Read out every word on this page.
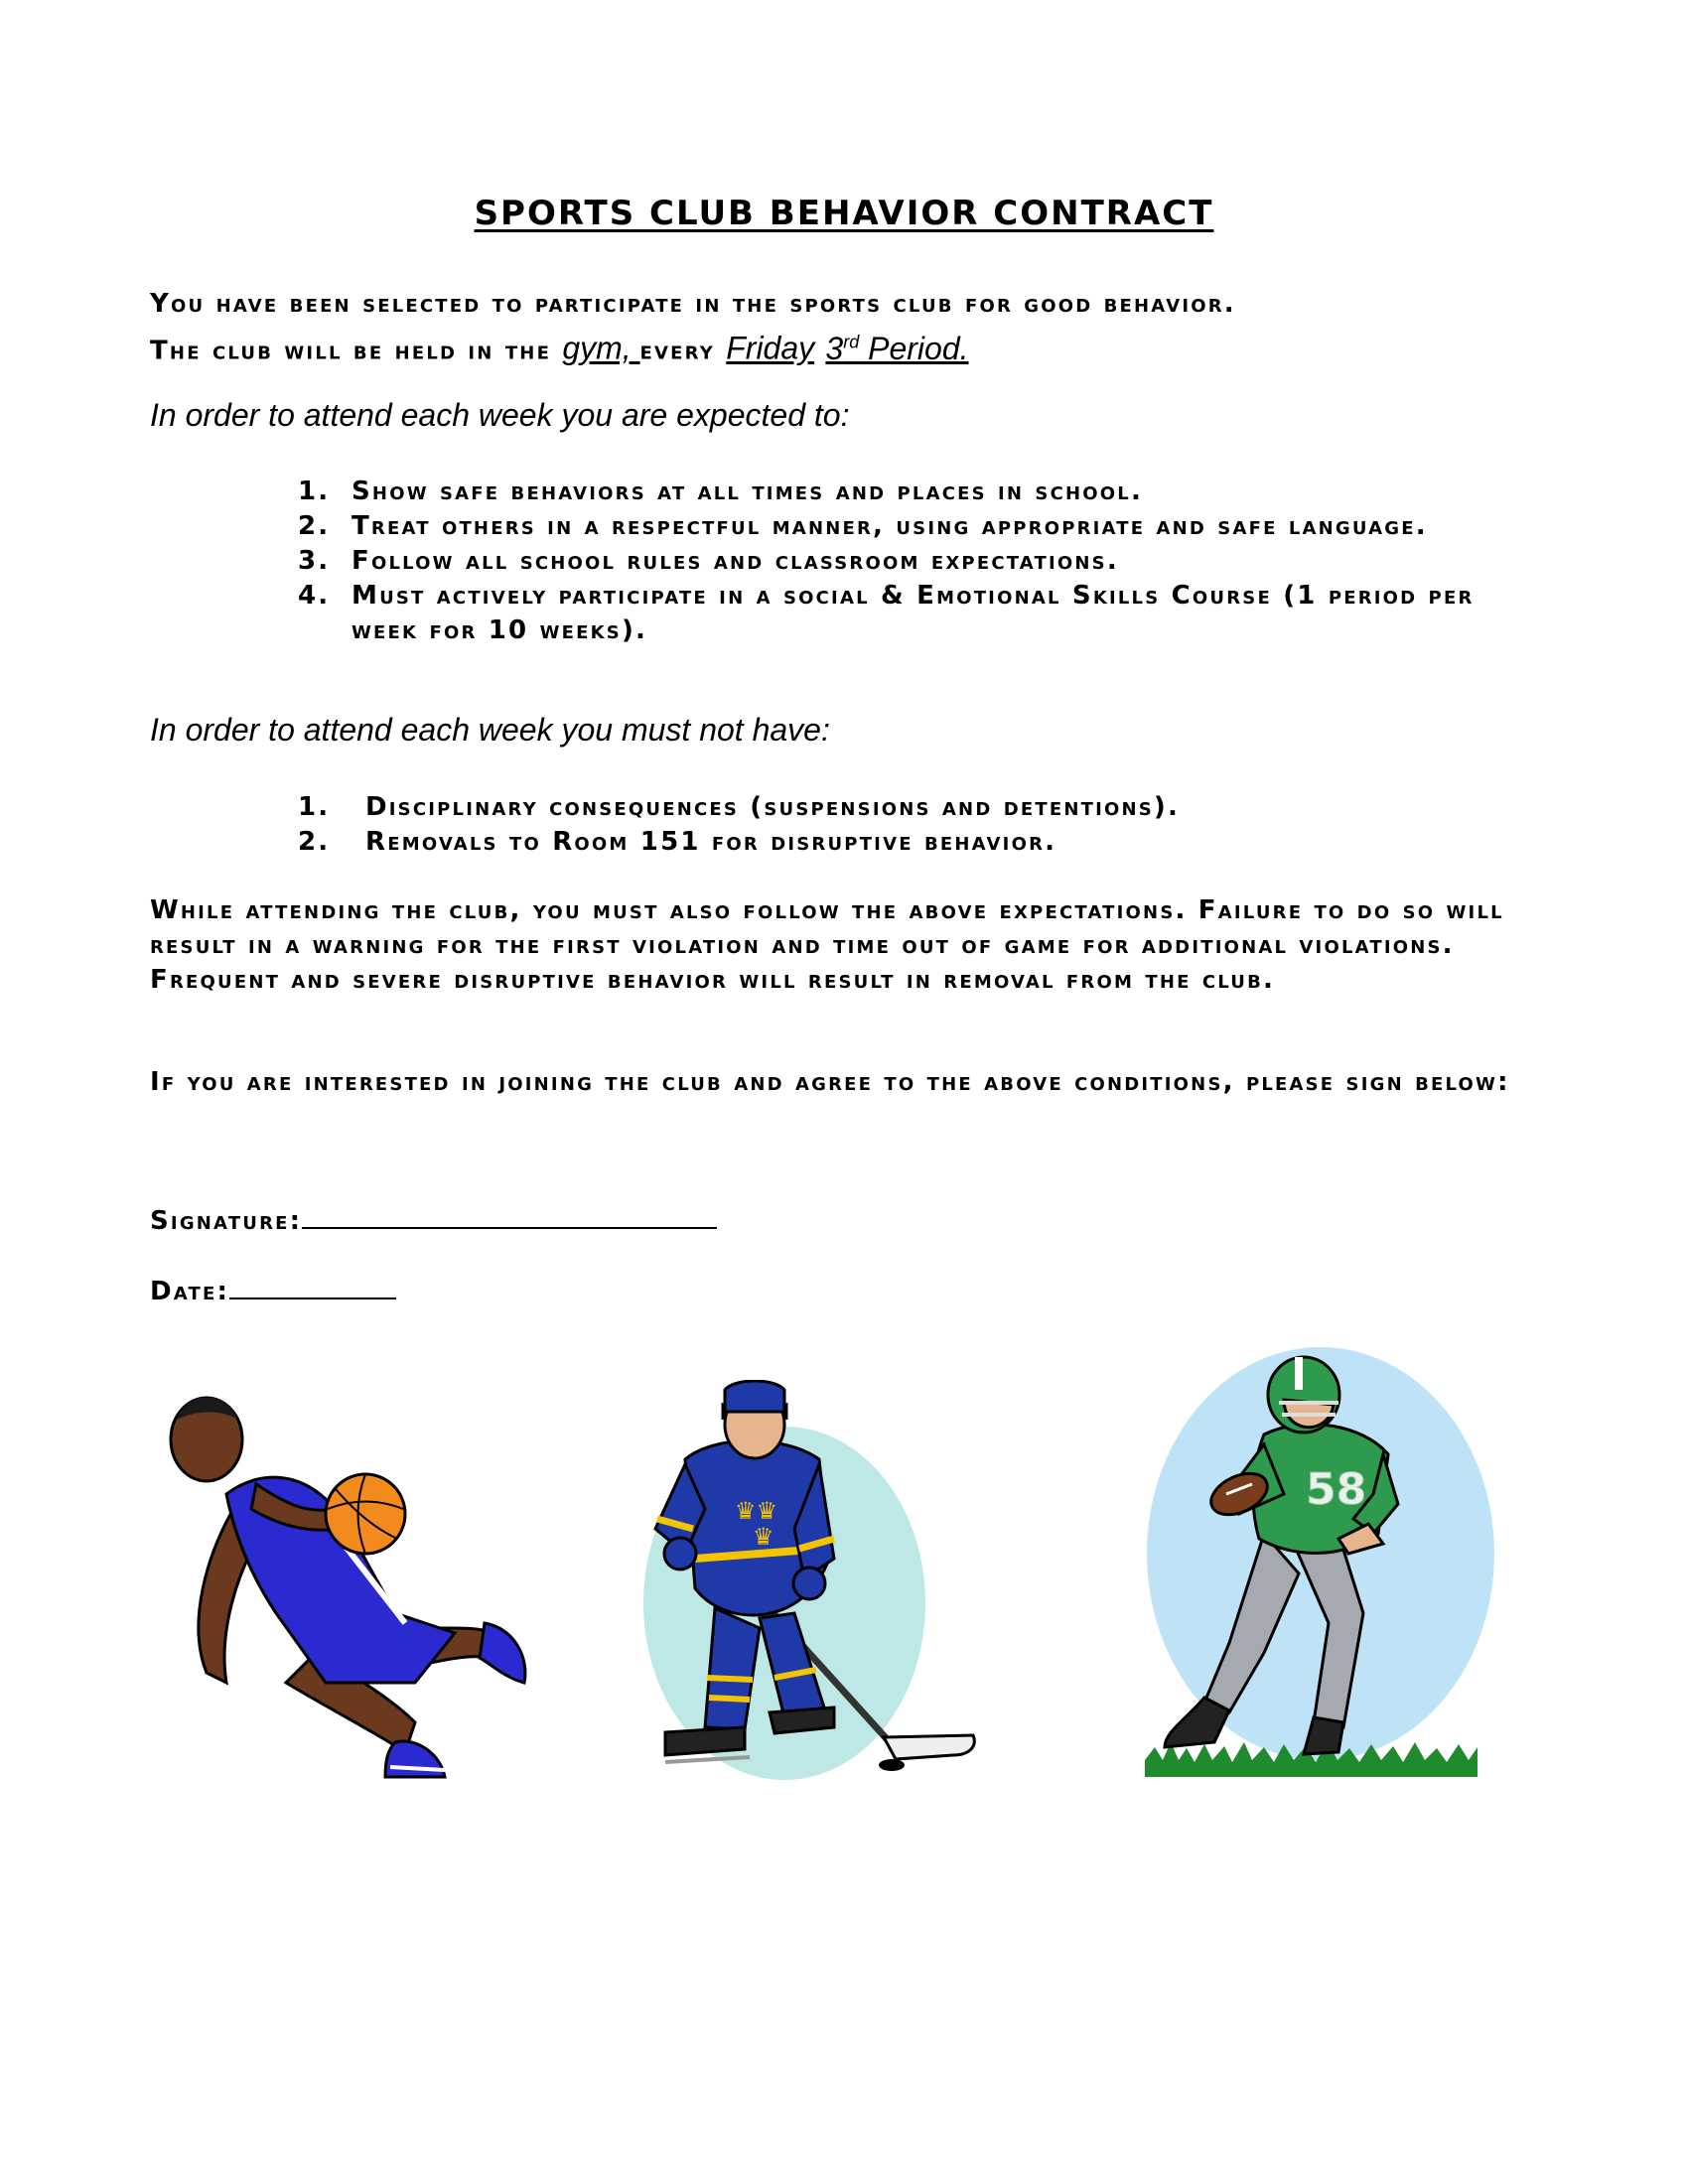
SPORTS CLUB BEHAVIOR CONTRACT
You have been selected to participate in the sports club for good behavior.
The club will be held in the gym, every Friday 3rd Period.
In order to attend each week you are expected to:
1. Show safe behaviors at all times and places in school.
2. Treat others in a respectful manner, using appropriate and safe language.
3. Follow all school rules and classroom expectations.
4. Must actively participate in a social & Emotional Skills Course (1 period per week for 10 weeks).
In order to attend each week you must not have:
1.	Disciplinary consequences (suspensions and detentions).
2.	Removals to Room 151 for disruptive behavior.
While attending the club, you must also follow the above expectations. Failure to do so will result in a warning for the first violation and time out of game for additional violations. Frequent and severe disruptive behavior will result in removal from the club.
If you are interested in joining the club and agree to the above conditions, please sign below:
Signature:
Date:
♛♛
♛
58
